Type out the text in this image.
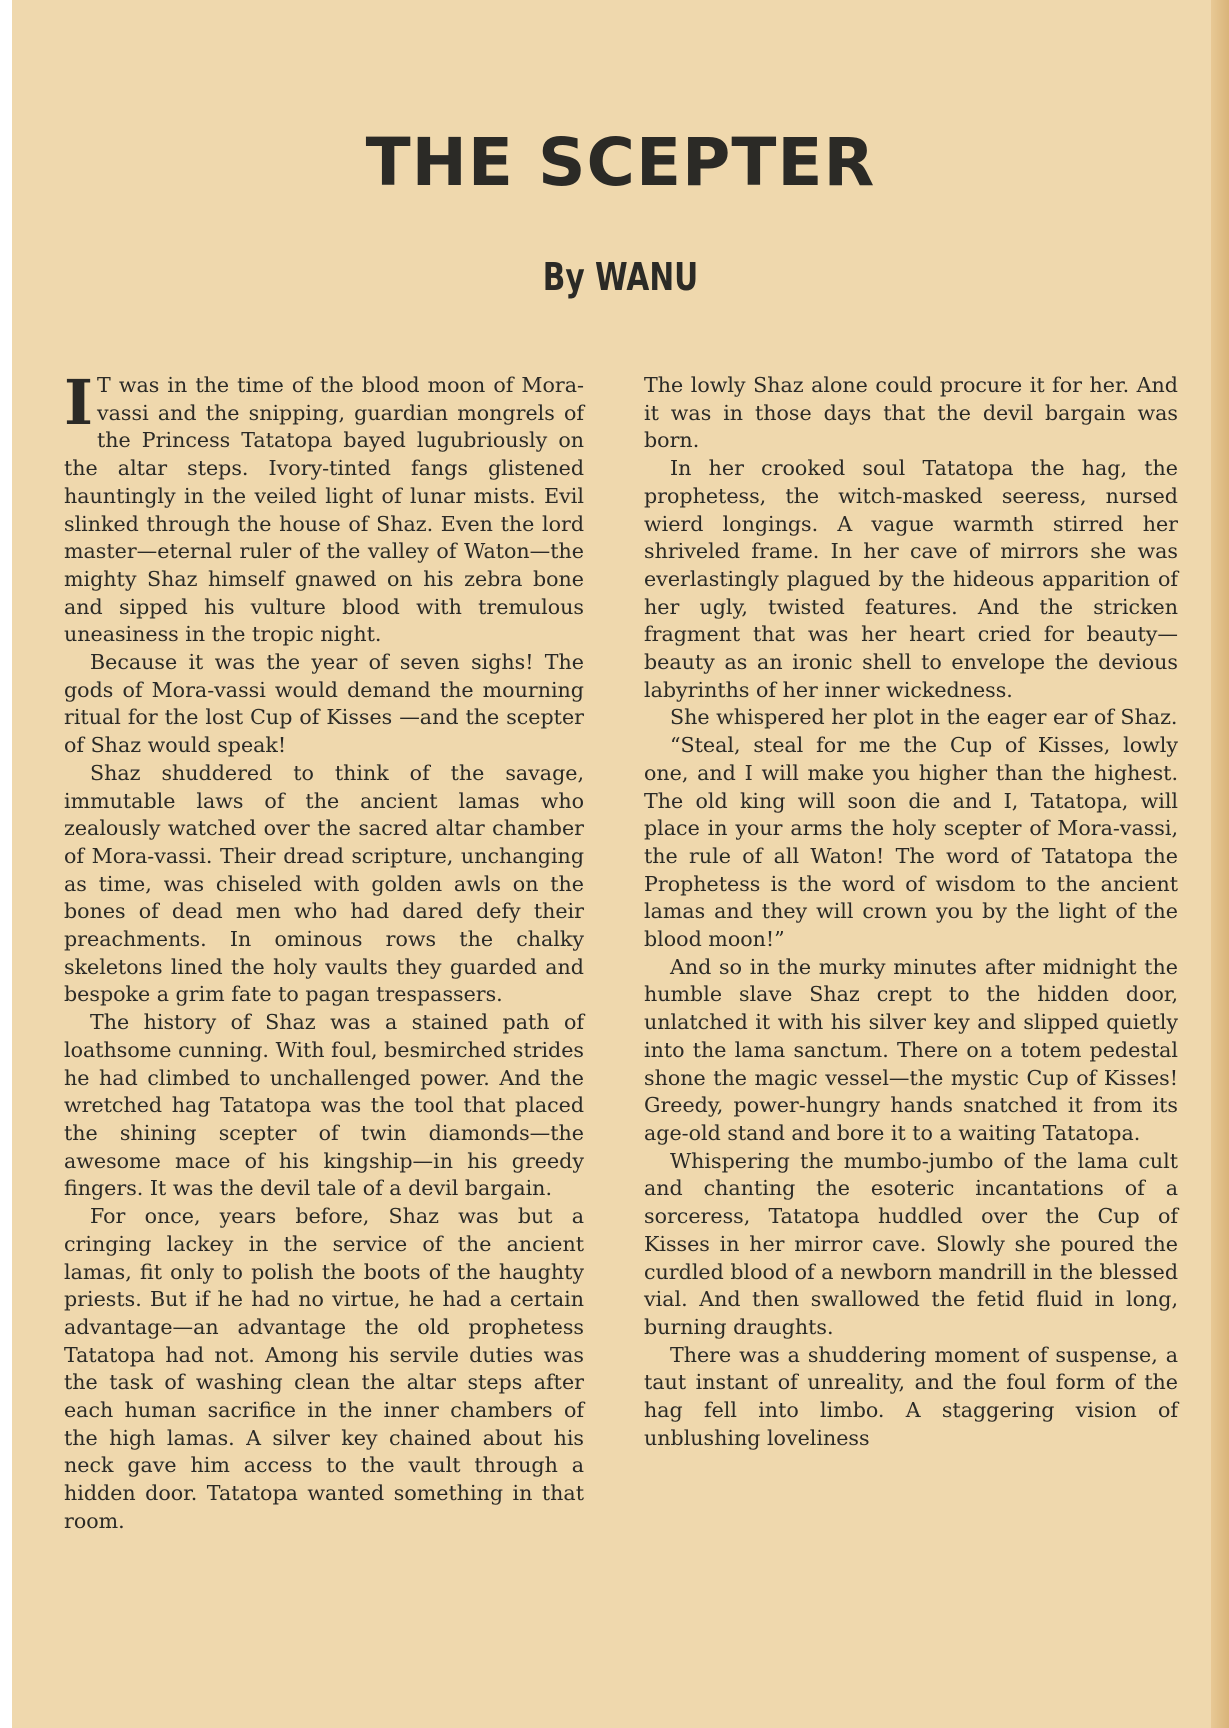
THE SCEPTER
By WANU

I T was in the time of the blood moon of Mora-vassi and the snipping, guardian mongrels of the Princess Tatatopa bayed lugubriously on the altar steps. Ivory-tinted fangs glistened hauntingly in the veiled light of lunar mists. Evil slinked through the house of Shaz. Even the lord master—eternal ruler of the valley of Waton—the mighty Shaz himself gnawed on his zebra bone and sipped his vulture blood with tremulous uneasiness in the tropic night.

Because it was the year of seven sighs! The gods of Mora-vassi would demand the mourning ritual for the lost Cup of Kisses —and the scepter of Shaz would speak!

Shaz shuddered to think of the savage, immutable laws of the ancient lamas who zealously watched over the sacred altar chamber of Mora-vassi. Their dread scripture, unchanging as time, was chiseled with golden awls on the bones of dead men who had dared defy their preachments. In ominous rows the chalky skeletons lined the holy vaults they guarded and bespoke a grim fate to pagan trespassers.

The history of Shaz was a stained path of loathsome cunning. With foul, besmirched strides he had climbed to unchallenged power. And the wretched hag Tatatopa was the tool that placed the shining scepter of twin diamonds—the awesome mace of his kingship—in his greedy fingers. It was the devil tale of a devil bargain.

For once, years before, Shaz was but a cringing lackey in the service of the ancient lamas, fit only to polish the boots of the haughty priests. But if he had no virtue, he had a certain advantage—an advantage the old prophetess Tatatopa had not. Among his servile duties was the task of washing clean the altar steps after each human sacrifice in the inner chambers of the high lamas. A silver key chained about his neck gave him access to the vault through a hidden door. Tatatopa wanted something in that room.

The lowly Shaz alone could procure it for her. And it was in those days that the devil bargain was born.

In her crooked soul Tatatopa the hag, the prophetess, the witch-masked seeress, nursed wierd longings. A vague warmth stirred her shriveled frame. In her cave of mirrors she was everlastingly plagued by the hideous apparition of her ugly, twisted features. And the stricken fragment that was her heart cried for beauty—beauty as an ironic shell to envelope the devious labyrinths of her inner wickedness.

She whispered her plot in the eager ear of Shaz.

“Steal, steal for me the Cup of Kisses, lowly one, and I will make you higher than the highest. The old king will soon die and I, Tatatopa, will place in your arms the holy scepter of Mora-vassi, the rule of all Waton! The word of Tatatopa the Prophetess is the word of wisdom to the ancient lamas and they will crown you by the light of the blood moon!”

And so in the murky minutes after midnight the humble slave Shaz crept to the hidden door, unlatched it with his silver key and slipped quietly into the lama sanctum. There on a totem pedestal shone the magic vessel—the mystic Cup of Kisses! Greedy, power-hungry hands snatched it from its age-old stand and bore it to a waiting Tatatopa.

Whispering the mumbo-jumbo of the lama cult and chanting the esoteric incantations of a sorceress, Tatatopa huddled over the Cup of Kisses in her mirror cave. Slowly she poured the curdled blood of a newborn mandrill in the blessed vial. And then swallowed the fetid fluid in long, burning draughts.

There was a shuddering moment of suspense, a taut instant of unreality, and the foul form of the hag fell into limbo. A staggering vision of unblushing loveliness
